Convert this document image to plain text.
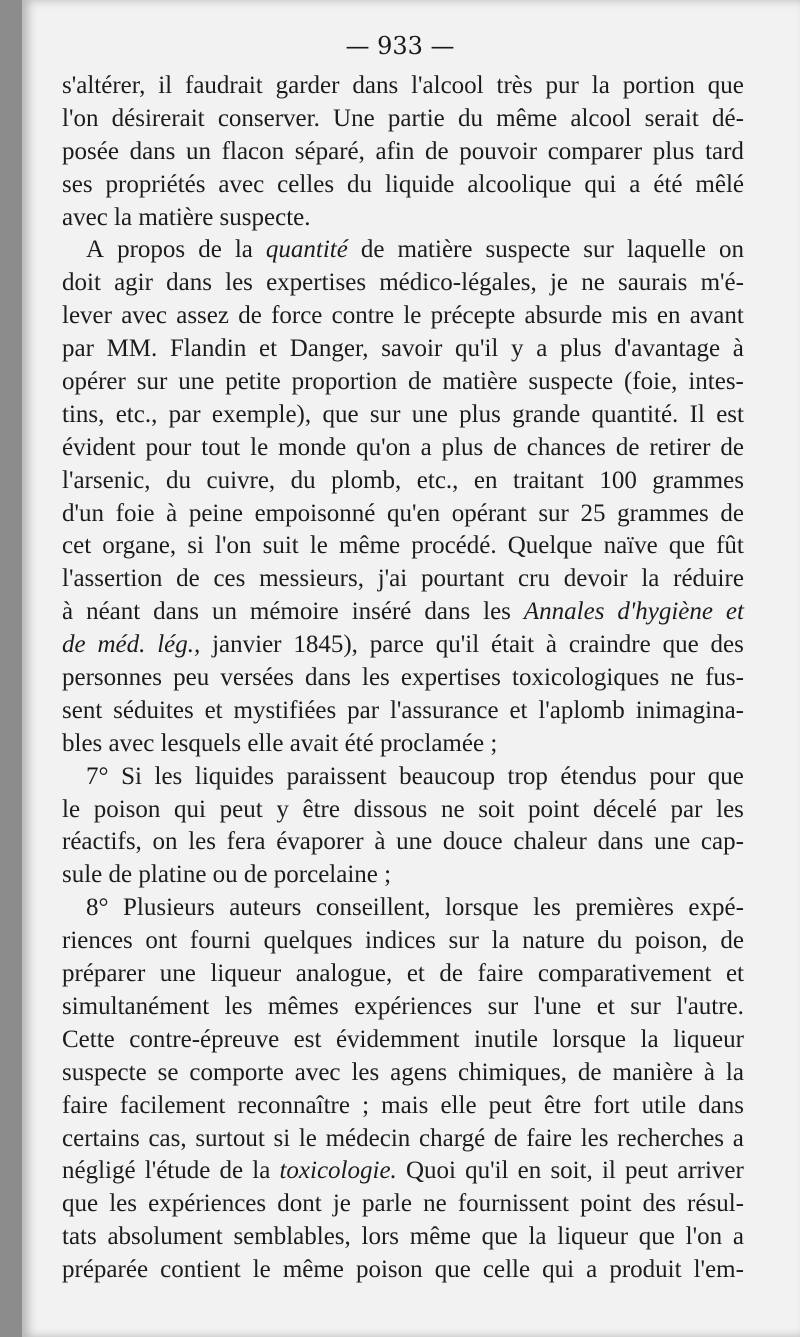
— 933 —
s'altérer, il faudrait garder dans l'alcool très pur la portion que
l'on désirerait conserver. Une partie du même alcool serait dé-
posée dans un flacon séparé, afin de pouvoir comparer plus tard
ses propriétés avec celles du liquide alcoolique qui a été mêlé
avec
la
matière
suspecte.
A propos de la quantité de matière suspecte sur laquelle on
doit agir dans les expertises médico-légales, je ne saurais m'é-
lever avec assez de force contre le précepte absurde mis en avant
par MM. Flandin et Danger, savoir qu'il y a plus d'avantage à
opérer sur une petite proportion de matière suspecte (foie, intes-
tins, etc., par exemple), que sur une plus grande quantité. Il est
évident pour tout le monde qu'on a plus de chances de retirer de
l'arsenic, du cuivre, du plomb, etc., en traitant 100 grammes
d'un foie à peine empoisonné qu'en opérant sur 25 grammes de
cet organe, si l'on suit le même procédé. Quelque naïve que fût
l'assertion de ces messieurs, j'ai pourtant cru devoir la réduire
à néant dans un mémoire inséré dans les Annales d'hygiène et
de méd. lég., janvier 1845), parce qu'il était à craindre que des
personnes peu versées dans les expertises toxicologiques ne fus-
sent séduites et mystifiées par l'assurance et l'aplomb inimagina-
bles
avec
lesquels
elle
avait
été
proclamée
;
7° Si les liquides paraissent beaucoup trop étendus pour que
le poison qui peut y être dissous ne soit point décelé par les
réactifs, on les fera évaporer à une douce chaleur dans une cap-
sule
de
platine
ou
de
porcelaine
;
8° Plusieurs auteurs conseillent, lorsque les premières expé-
riences ont fourni quelques indices sur la nature du poison, de
préparer une liqueur analogue, et de faire comparativement et
simultanément les mêmes expériences sur l'une et sur l'autre.
Cette contre-épreuve est évidemment inutile lorsque la liqueur
suspecte se comporte avec les agens chimiques, de manière à la
faire facilement reconnaître ; mais elle peut être fort utile dans
certains cas, surtout si le médecin chargé de faire les recherches a
négligé l'étude de la toxicologie. Quoi qu'il en soit, il peut arriver
que les expériences dont je parle ne fournissent point des résul-
tats absolument semblables, lors même que la liqueur que l'on a
préparée contient le même poison que celle qui a produit l'em-
